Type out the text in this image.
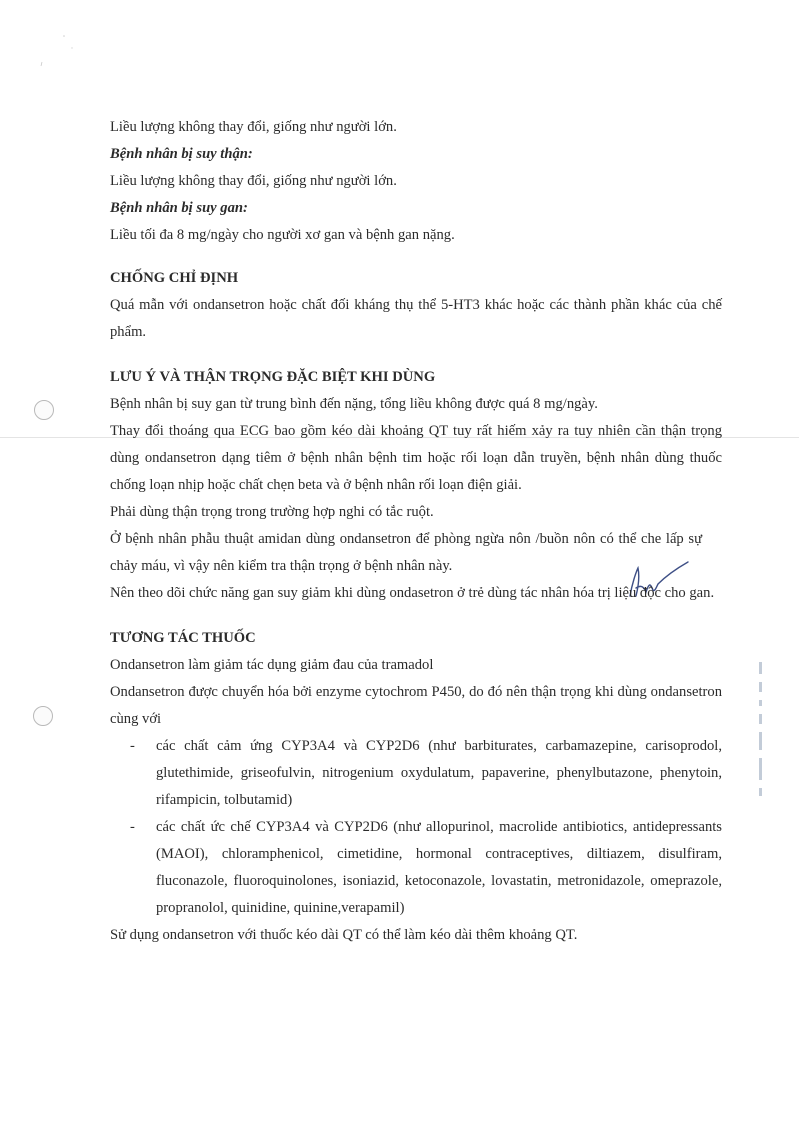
Liều lượng không thay đổi, giống như người lớn.

Bệnh nhân bị suy thận:

Liều lượng không thay đổi, giống như người lớn.

Bệnh nhân bị suy gan:

Liều tối đa 8 mg/ngày cho người xơ gan và bệnh gan nặng.

CHỐNG CHỈ ĐỊNH

Quá mẫn với ondansetron hoặc chất đối kháng thụ thể 5-HT3 khác hoặc các thành phần khác của chế phẩm.

LƯU Ý VÀ THẬN TRỌNG ĐẶC BIỆT KHI DÙNG

Bệnh nhân bị suy gan từ trung bình đến nặng, tổng liều không được quá 8 mg/ngày.

Thay đổi thoáng qua ECG bao gồm kéo dài khoảng QT tuy rất hiếm xảy ra tuy nhiên cần thận trọng dùng ondansetron dạng tiêm ở bệnh nhân bệnh tim hoặc rối loạn dẫn truyền, bệnh nhân dùng thuốc chống loạn nhịp hoặc chất chẹn beta và ở bệnh nhân rối loạn điện giải.

Phải dùng thận trọng trong trường hợp nghi có tắc ruột.

Ở bệnh nhân phẫu thuật amidan dùng ondansetron để phòng ngừa nôn /buồn nôn có thể che lấp sự chảy máu, vì vậy nên kiểm tra thận trọng ở bệnh nhân này.

Nên theo dõi chức năng gan suy giảm khi dùng ondasetron ở trẻ dùng tác nhân hóa trị liệu độc cho gan.

TƯƠNG TÁC THUỐC

Ondansetron làm giảm tác dụng giảm đau của tramadol

Ondansetron được chuyển hóa bởi enzyme cytochrom P450, do đó nên thận trọng khi dùng ondansetron cùng với

- các chất cảm ứng CYP3A4 và CYP2D6 (như barbiturates, carbamazepine, carisoprodol, glutethimide, griseofulvin, nitrogenium oxydulatum, papaverine, phenylbutazone, phenytoin, rifampicin, tolbutamid)
- các chất ức chế CYP3A4 và CYP2D6 (như allopurinol, macrolide antibiotics, antidepressants (MAOI), chloramphenicol, cimetidine, hormonal contraceptives, diltiazem, disulfiram, fluconazole, fluoroquinolones, isoniazid, ketoconazole, lovastatin, metronidazole, omeprazole, propranolol, quinidine, quinine,verapamil)

Sử dụng ondansetron với thuốc kéo dài QT có thể làm kéo dài thêm khoảng QT.
